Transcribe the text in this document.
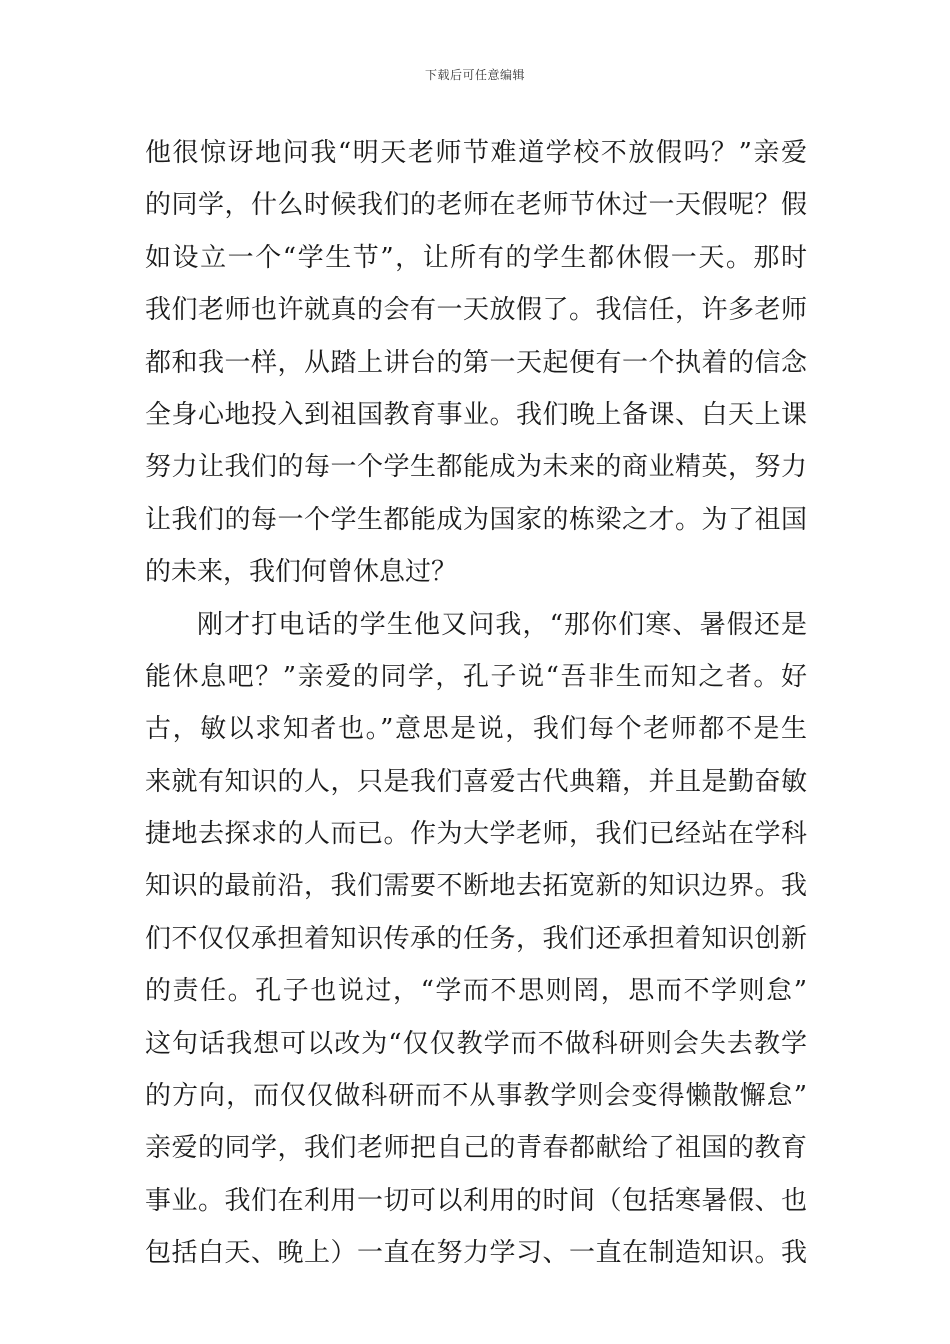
下载后可任意编辑
他很惊讶地问我“明天老师节难道学校不放假吗？”亲爱
的同学，什么时候我们的老师在老师节休过一天假呢？假
如设立一个“学生节”，让所有的学生都休假一天。那时
我们老师也许就真的会有一天放假了。我信任，许多老师
都和我一样，从踏上讲台的第一天起便有一个执着的信念
全身心地投入到祖国教育事业。我们晚上备课、白天上课
努力让我们的每一个学生都能成为未来的商业精英，努力
让我们的每一个学生都能成为国家的栋梁之才。为了祖国
的未来，我们何曾休息过？
刚才打电话的学生他又问我，“那你们寒、暑假还是
能休息吧？”亲爱的同学，孔子说“吾非生而知之者。好
古，敏以求知者也。”意思是说，我们每个老师都不是生
来就有知识的人，只是我们喜爱古代典籍，并且是勤奋敏
捷地去探求的人而已。作为大学老师，我们已经站在学科
知识的最前沿，我们需要不断地去拓宽新的知识边界。我
们不仅仅承担着知识传承的任务，我们还承担着知识创新
的责任。孔子也说过，“学而不思则罔，思而不学则怠”
这句话我想可以改为“仅仅教学而不做科研则会失去教学
的方向，而仅仅做科研而不从事教学则会变得懒散懈怠”
亲爱的同学，我们老师把自己的青春都献给了祖国的教育
事业。我们在利用一切可以利用的时间（包括寒暑假、也
包括白天、晚上）一直在努力学习、一直在制造知识。我
